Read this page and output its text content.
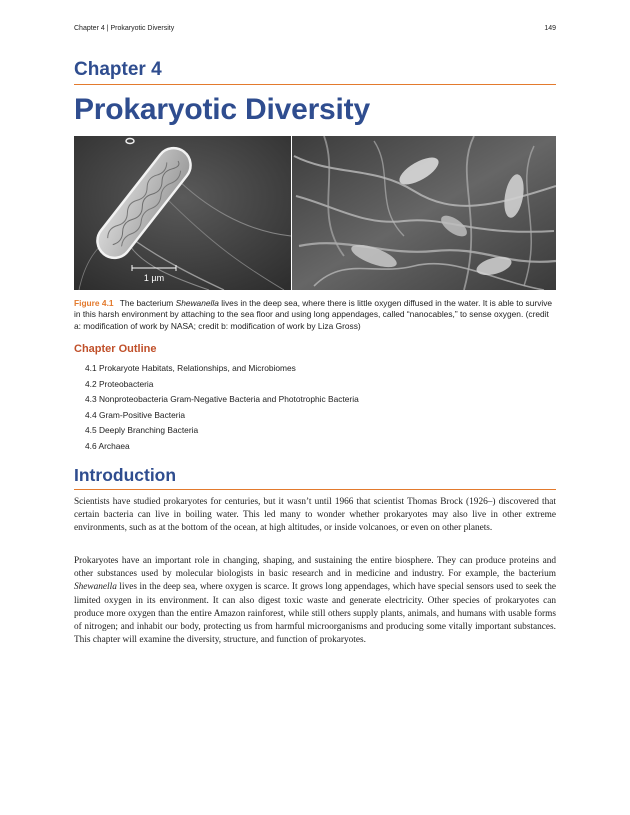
Chapter 4 | Prokaryotic Diversity	149
Chapter 4
Prokaryotic Diversity
1 µm
Figure 4.1 The bacterium Shewanella lives in the deep sea, where there is little oxygen diffused in the water. It is able to survive in this harsh environment by attaching to the sea floor and using long appendages, called “nanocables,” to sense oxygen. (credit a: modification of work by NASA; credit b: modification of work by Liza Gross)
Chapter Outline
4.1 Prokaryote Habitats, Relationships, and Microbiomes
4.2 Proteobacteria
4.3 Nonproteobacteria Gram-Negative Bacteria and Phototrophic Bacteria
4.4 Gram-Positive Bacteria
4.5 Deeply Branching Bacteria
4.6 Archaea
Introduction

Scientists have studied prokaryotes for centuries, but it wasn’t until 1966 that scientist Thomas Brock (1926–) discovered that certain bacteria can live in boiling water. This led many to wonder whether prokaryotes may also live in other extreme environments, such as at the bottom of the ocean, at high altitudes, or inside volcanoes, or even on other planets.

Prokaryotes have an important role in changing, shaping, and sustaining the entire biosphere. They can produce proteins and other substances used by molecular biologists in basic research and in medicine and industry. For example, the bacterium Shewanella lives in the deep sea, where oxygen is scarce. It grows long appendages, which have special sensors used to seek the limited oxygen in its environment. It can also digest toxic waste and generate electricity. Other species of prokaryotes can produce more oxygen than the entire Amazon rainforest, while still others supply plants, animals, and humans with usable forms of nitrogen; and inhabit our body, protecting us from harmful microorganisms and producing some vitally important substances. This chapter will examine the diversity, structure, and function of prokaryotes.
